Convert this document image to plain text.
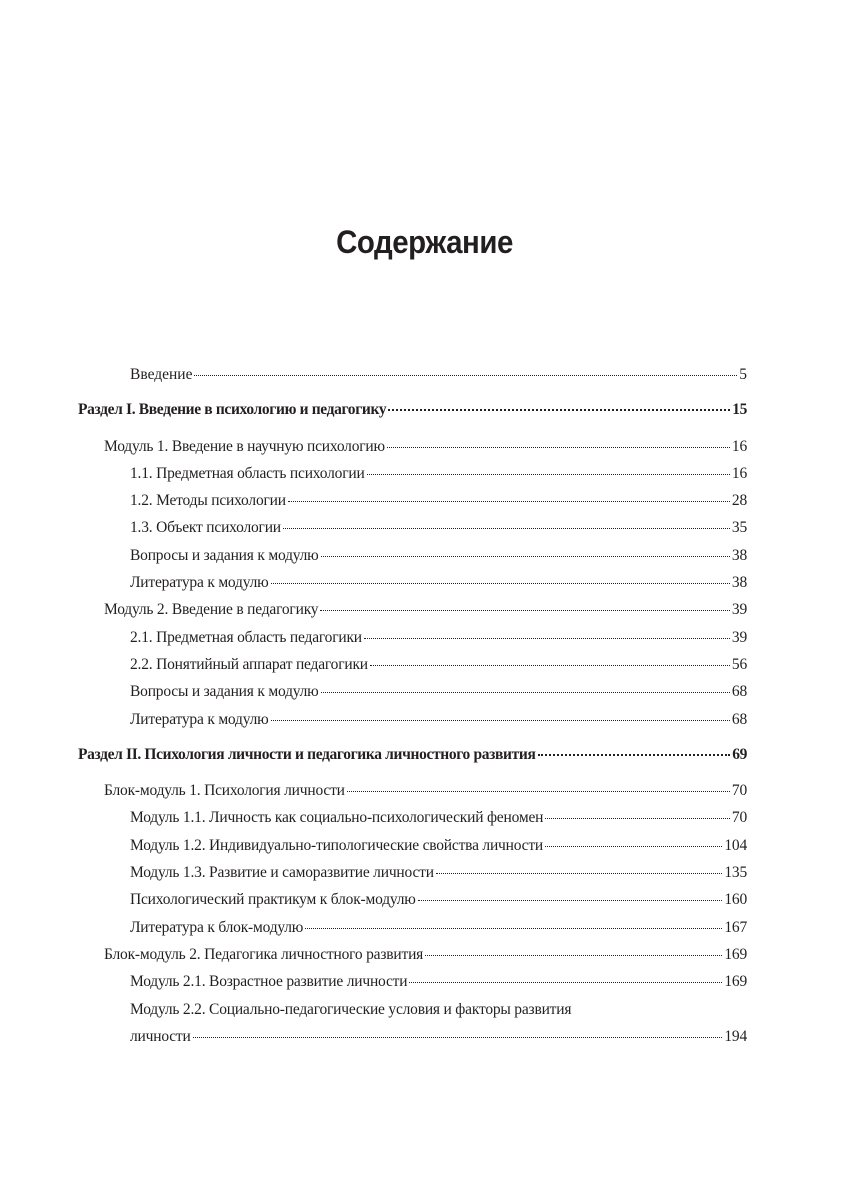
Содержание
Введение	5
Раздел I. Введение в психологию и педагогику	15
Модуль 1. Введение в научную психологию	16
1.1. Предметная область психологии	16
1.2. Методы психологии	28
1.3. Объект психологии	35
Вопросы и задания к модулю	38
Литература к модулю	38
Модуль 2. Введение в педагогику	39
2.1. Предметная область педагогики	39
2.2. Понятийный аппарат педагогики	56
Вопросы и задания к модулю	68
Литература к модулю	68
Раздел II. Психология личности и педагогика личностного развития	69
Блок-модуль 1. Психология личности	70
Модуль 1.1. Личность как социально-психологический феномен	70
Модуль 1.2. Индивидуально-типологические свойства личности	104
Модуль 1.3. Развитие и саморазвитие личности	135
Психологический практикум к блок-модулю	160
Литература к блок-модулю	167
Блок-модуль 2. Педагогика личностного развития	169
Модуль 2.1. Возрастное развитие личности	169
Модуль 2.2. Социально-педагогические условия и факторы развития
личности	194
